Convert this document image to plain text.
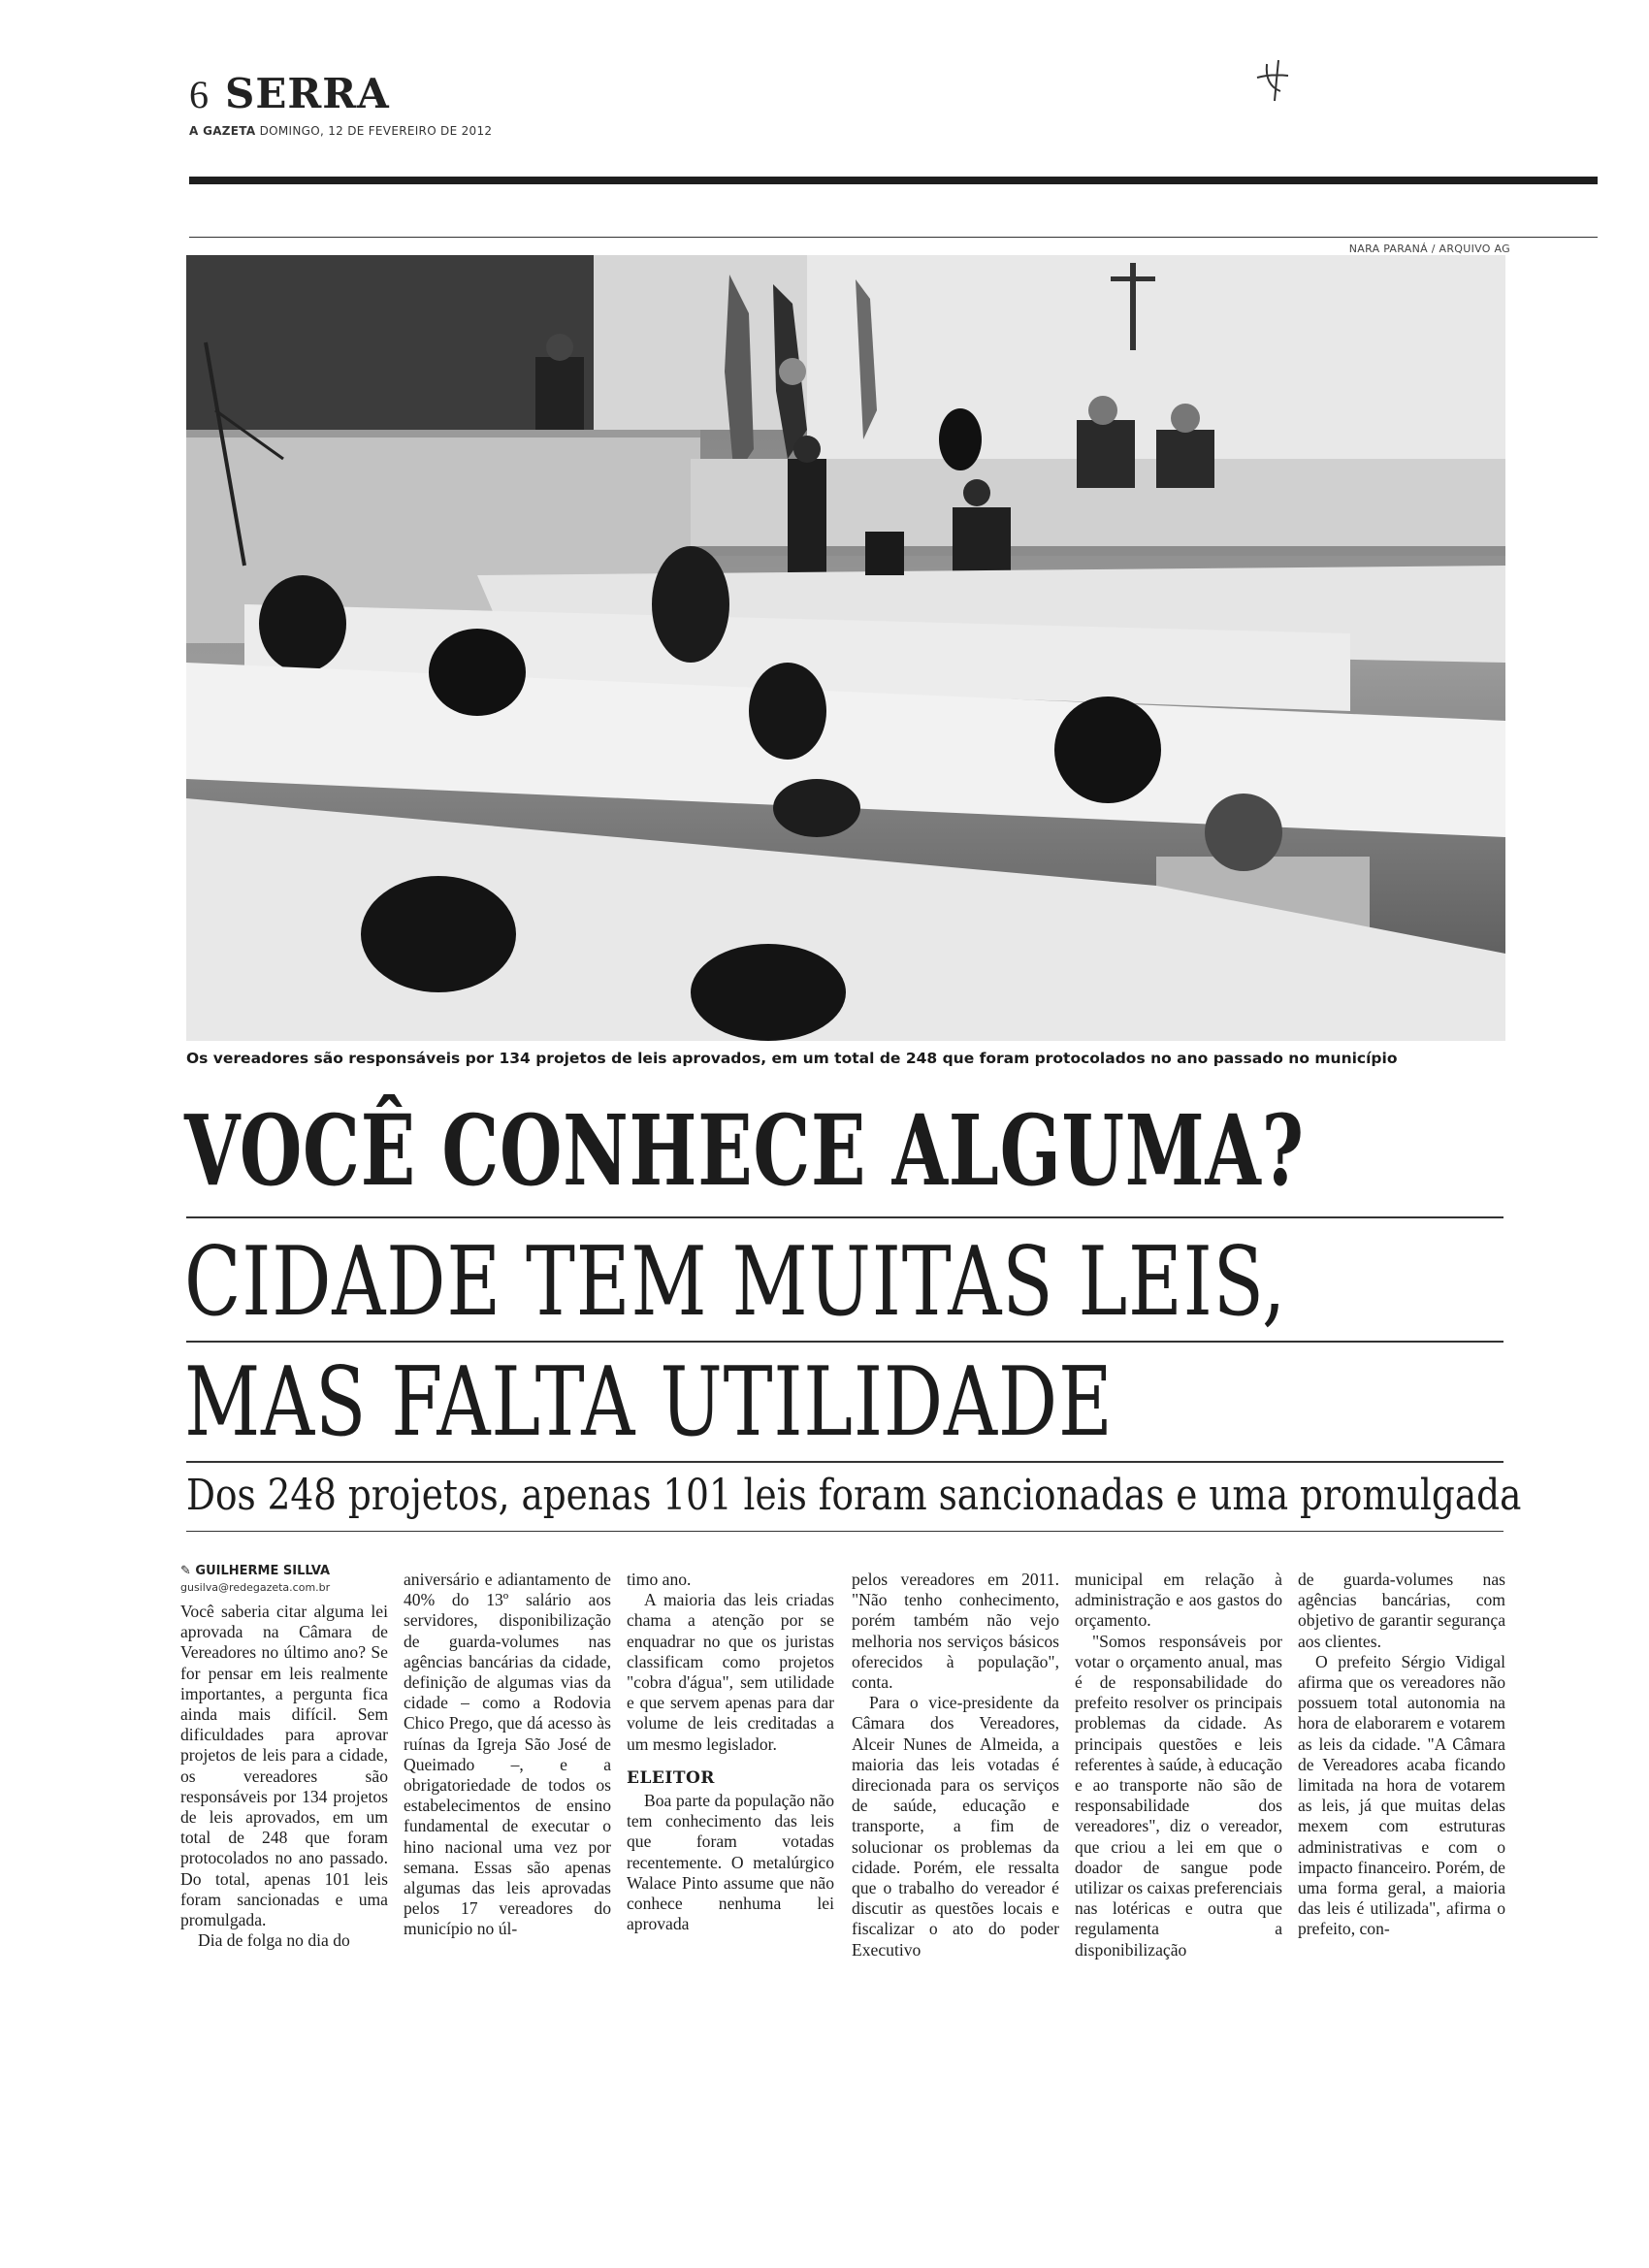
6 SERRA
A GAZETA DOMINGO, 12 DE FEVEREIRO DE 2012
NARA PARANÁ / ARQUIVO AG
Os vereadores são responsáveis por 134 projetos de leis aprovados, em um total de 248 que foram protocolados no ano passado no município
VOCÊ CONHECE ALGUMA?
CIDADE TEM MUITAS LEIS,
MAS FALTA UTILIDADE
Dos 248 projetos, apenas 101 leis foram sancionadas e uma promulgada
✎ GUILHERME SILLVA
gusilva@redegazeta.com.br

Você saberia citar alguma lei aprovada na Câmara de Vereadores no último ano? Se for pensar em leis realmente importantes, a pergunta fica ainda mais difícil. Sem dificuldades para aprovar projetos de leis para a cidade, os vereadores são responsáveis por 134 projetos de leis aprovados, em um total de 248 que foram protocolados no ano passado. Do total, apenas 101 leis foram sancionadas e uma promulgada.

Dia de folga no dia do

aniversário e adiantamento de 40% do 13º salário aos servidores, disponibilização de guarda-volumes nas agências bancárias da cidade, definição de algumas vias da cidade – como a Rodovia Chico Prego, que dá acesso às ruínas da Igreja São José de Queimado –, e a obrigatoriedade de todos os estabelecimentos de ensino fundamental de executar o hino nacional uma vez por semana. Essas são apenas algumas das leis aprovadas pelos 17 vereadores do município no úl-

timo ano.

A maioria das leis criadas chama a atenção por se enquadrar no que os juristas classificam como projetos "cobra d'água", sem utilidade e que servem apenas para dar volume de leis creditadas a um mesmo legislador.

ELEITOR

Boa parte da população não tem conhecimento das leis que foram votadas recentemente. O metalúrgico Walace Pinto assume que não conhece nenhuma lei aprovada

pelos vereadores em 2011. "Não tenho conhecimento, porém também não vejo melhoria nos serviços básicos oferecidos à população", conta.

Para o vice-presidente da Câmara dos Vereadores, Alceir Nunes de Almeida, a maioria das leis votadas é direcionada para os serviços de saúde, educação e transporte, a fim de solucionar os problemas da cidade. Porém, ele ressalta que o trabalho do vereador é discutir as questões locais e fiscalizar o ato do poder Executivo

municipal em relação à administração e aos gastos do orçamento.

"Somos responsáveis por votar o orçamento anual, mas é de responsabilidade do prefeito resolver os principais problemas da cidade. As principais questões e leis referentes à saúde, à educação e ao transporte não são de responsabilidade dos vereadores", diz o vereador, que criou a lei em que o doador de sangue pode utilizar os caixas preferenciais nas lotéricas e outra que regulamenta a disponibilização

de guarda-volumes nas agências bancárias, com objetivo de garantir segurança aos clientes.

O prefeito Sérgio Vidigal afirma que os vereadores não possuem total autonomia na hora de elaborarem e votarem as leis da cidade. "A Câmara de Vereadores acaba ficando limitada na hora de votarem as leis, já que muitas delas mexem com estruturas administrativas e com o impacto financeiro. Porém, de uma forma geral, a maioria das leis é utilizada", afirma o prefeito, con-
